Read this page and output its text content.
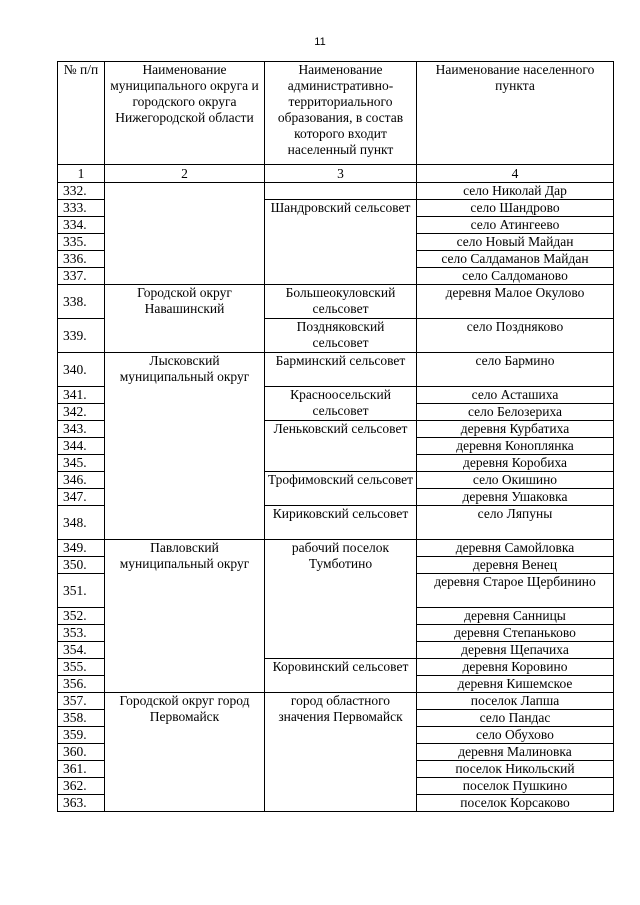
11
№ п/п	Наименование муниципального округа и городского округа Нижегородской области	Наименование административно-территориального образования, в состав которого входит населенный пункт	Наименование населенного пункта
1	2	3	4
332.			село Николай Дар
333.		Шандровский сельсовет	село Шандрово
334.			село Атингеево
335.			село Новый Майдан
336.			село Салдаманов Майдан
337.			село Салдоманово
338.	Городской округ Навашинский	Большеокуловский сельсовет	деревня Малое Окулово
339.		Поздняковский сельсовет	село Поздняково
340.	Лысковский муниципальный округ	Барминский сельсовет	село Бармино
341.		Красноосельский сельсовет	село Асташиха
342.			село Белозериха
343.		Леньковский сельсовет	деревня Курбатиха
344.			деревня Коноплянка
345.			деревня Коробиха
346.		Трофимовский сельсовет	село Окишино
347.			деревня Ушаковка
348.		Кириковский сельсовет	село Ляпуны
349.	Павловский муниципальный округ	рабочий поселок Тумботино	деревня Самойловка
350.			деревня Венец
351.			деревня Старое Щербинино
352.			деревня Санницы
353.			деревня Степаньково
354.			деревня Щепачиха
355.		Коровинский сельсовет	деревня Коровино
356.			деревня Кишемское
357.	Городской округ город Первомайск	город областного значения Первомайск	поселок Лапша
358.			село Пандас
359.			село Обухово
360.			деревня Малиновка
361.			поселок Никольский
362.			поселок Пушкино
363.			поселок Корсаково
